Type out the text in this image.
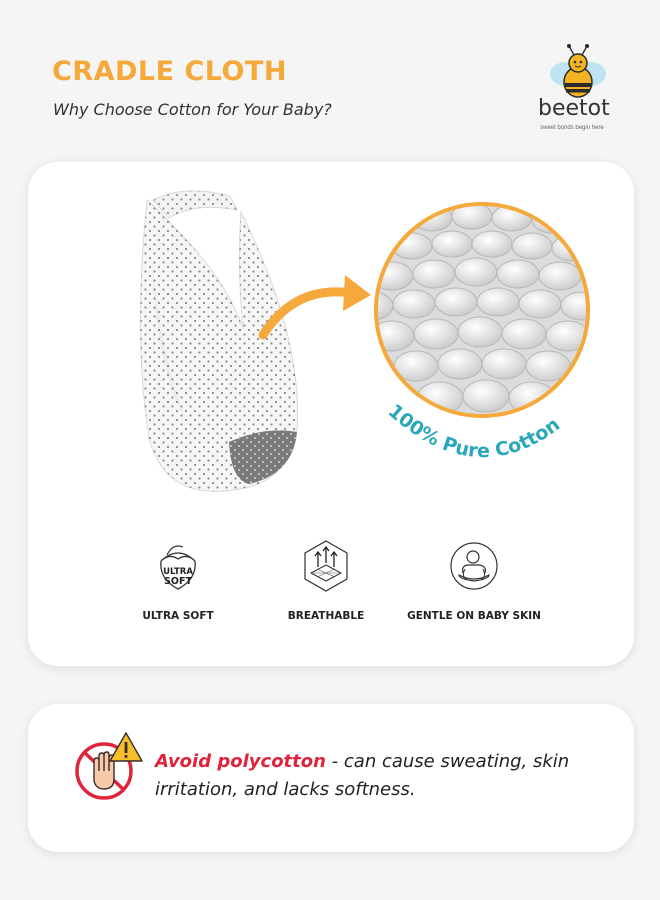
CRADLE CLOTH

Why Choose Cotton for Your Baby?	beetot
sweet bonds begin here
100% Pure Cotton
ULTRA
SOFT
ULTRA SOFT	BREATHABLE	GENTLE ON BABY SKIN
Avoid polycotton - can cause sweating, skin irritation, and lacks softness.
